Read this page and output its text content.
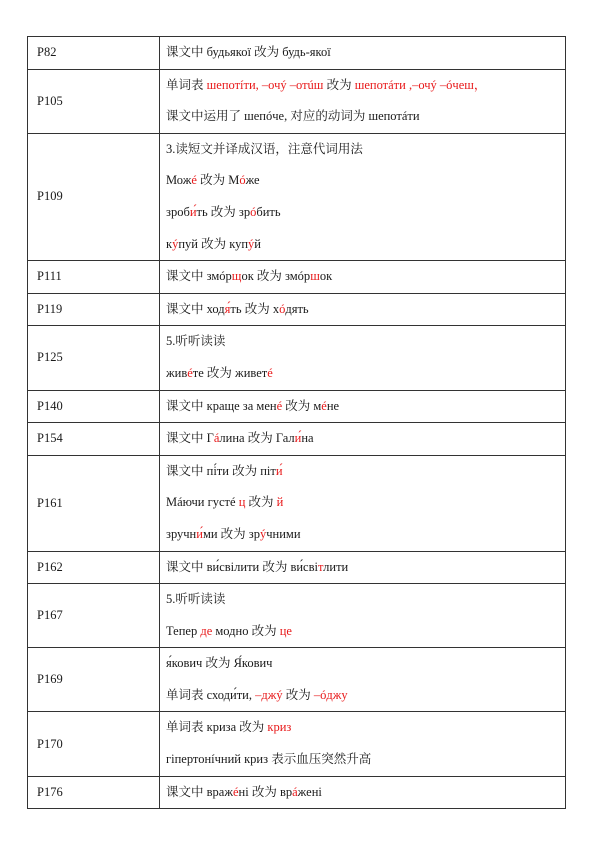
P82	课文中 будьякої 改为 будь-якої

P105	单词表 шепотíти, –очý –отúш 改为 шепотáти ,–очý –óчеш，
课文中运用了 шепóче, 对应的动词为 шепотáти

P109	3.读短文并译成汉语，注意代词用法
Можé 改为 Мóже
зроби́ть 改为 зрóбить
кýпуй 改为 купýй

P111	课文中 змóрщок 改为 змóршок

P119	课文中 ходя́ть 改为 хóдять

P125	5.听听读读
живéте 改为 живетé

P140	课文中 краще за менé 改为 мéне

P154	课文中 Гáлина 改为 Гали́на

P161	课文中 піти 改为 піти́
Мáючи густé ц 改为 й
зручни́ми 改为 зрýчними

P162	课文中 ви́свілити 改为 ви́світлити

P167	5.听听读读
Тепер де модно 改为 це

P169	я́кович 改为 Я́кович
单词表 сходи́ти, –джý 改为 –óджу

P170	单词表 криза 改为 криз
гіпертонíчний криз 表示血压突然升高

P176	课文中 вражéні 改为 врáжені
